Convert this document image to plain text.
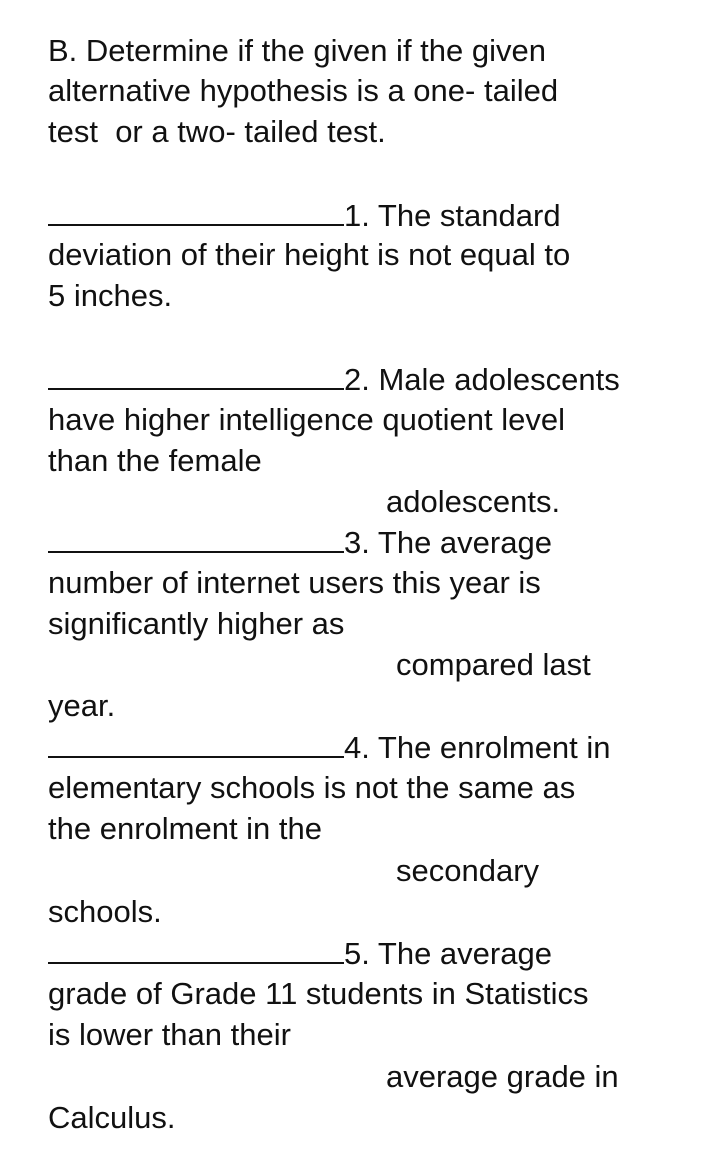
B. Determine if the given if the given
alternative hypothesis is a one- tailed
test  or a two- tailed test.
1. The standard
deviation of their height is not equal to
5 inches.
2. Male adolescents
have higher intelligence quotient level
than the female
adolescents.
3. The average
number of internet users this year is
significantly higher as
compared last
year.
4. The enrolment in
elementary schools is not the same as
the enrolment in the
secondary
schools.
5. The average
grade of Grade 11 students in Statistics
is lower than their
average grade in
Calculus.
